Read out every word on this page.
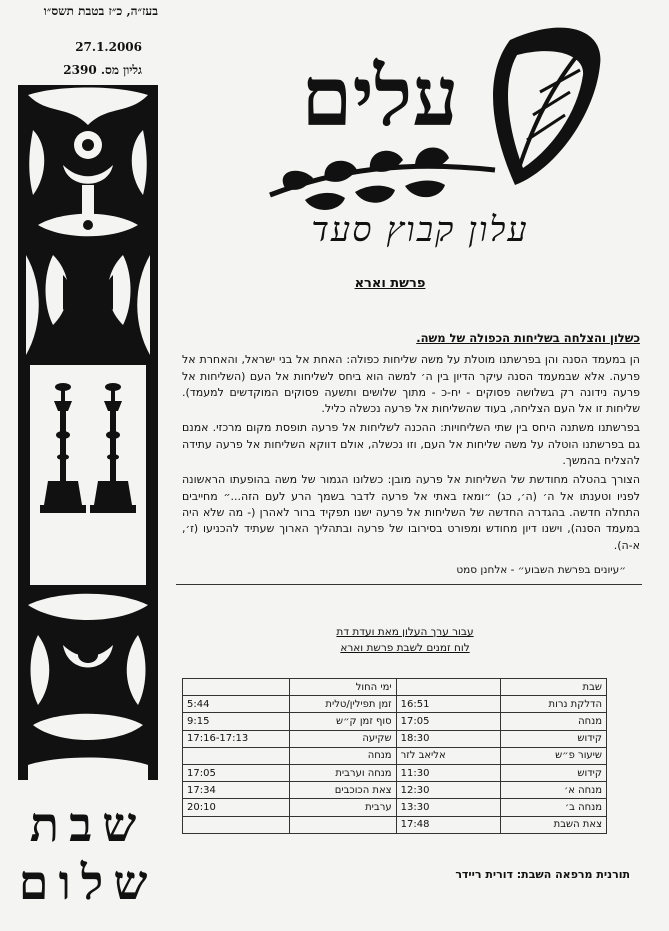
בעז״ה, כ״ז בטבת תשס״ו
27.1.2006
גליון מס. 2390
שבת
שלום
עלים
עלון קבוץ סעד
פרשת וארא
כשלון והצלחה בשליחות הכפולה של משה.

הן במעמד הסנה והן בפרשתנו מוטלת על משה שליחות כפולה: האחת אל בני ישראל, והאחרת אל פרעה. אלא שבמעמד הסנה עיקר הדיון בין ה׳ למשה הוא ביחס לשליחות אל העם (השליחות אל פרעה נידונה רק בשלושה פסוקים - יח-כ - מתוך שלושים ותשעה פסוקים המוקדשים למעמד). שליחות זו אל העם הצליחה, בעוד שהשליחות אל פרעה נכשלה כליל.

בפרשתנו משתנה היחס בין שתי השליחויות: ההכנה לשליחות אל פרעה תופסת מקום מרכזי. אמנם גם בפרשתנו הוטלה על משה שליחות אל העם, וזו נכשלה, אולם דווקא השליחות אל פרעה עתידה להצליח בהמשך.

הצורך בהטלה מחודשת של השליחות אל פרעה מובן: כשלונו הגמור של משה בהופעתו הראשונה לפניו וטענתו אל ה׳ (ה׳, כג) ״ומאז באתי אל פרעה לדבר בשמך הרע לעם הזה...״ מחייבים התחלה חדשה. בהגדרה החדשה של השליחות אל פרעה ישנו תפקיד ברור לאהרן (- מה שלא היה במעמד הסנה), וישנו דיון מחודש ומפורט בסירובו של פרעה ובתהליך הארוך שעתיד להכניעו (ז׳, א-ה).

״עיונים בפרשת השבוע״ - אלחנן סמט
עבור ערך העלון מאת ועדת דת
לוח זמנים לשבת פרשת וארא
שבת		ימי החול	
הדלקת נרות	16:51	זמן תפילין/טלית	5:44
מנחה	17:05	סוף זמן ק״ש	9:15
קידוש	18:30	שקיעה	17:16-17:13
שיעור פ״ש	אליאב לזר	מנחה	
קידוש	11:30	מנחה וערבית	17:05
מנחה א׳	12:30	צאת הכוכבים	17:34
מנחה ב׳	13:30	ערבית	20:10
צאת השבת	17:48		
תורנית מרפאה השבת: דורית ריידר
